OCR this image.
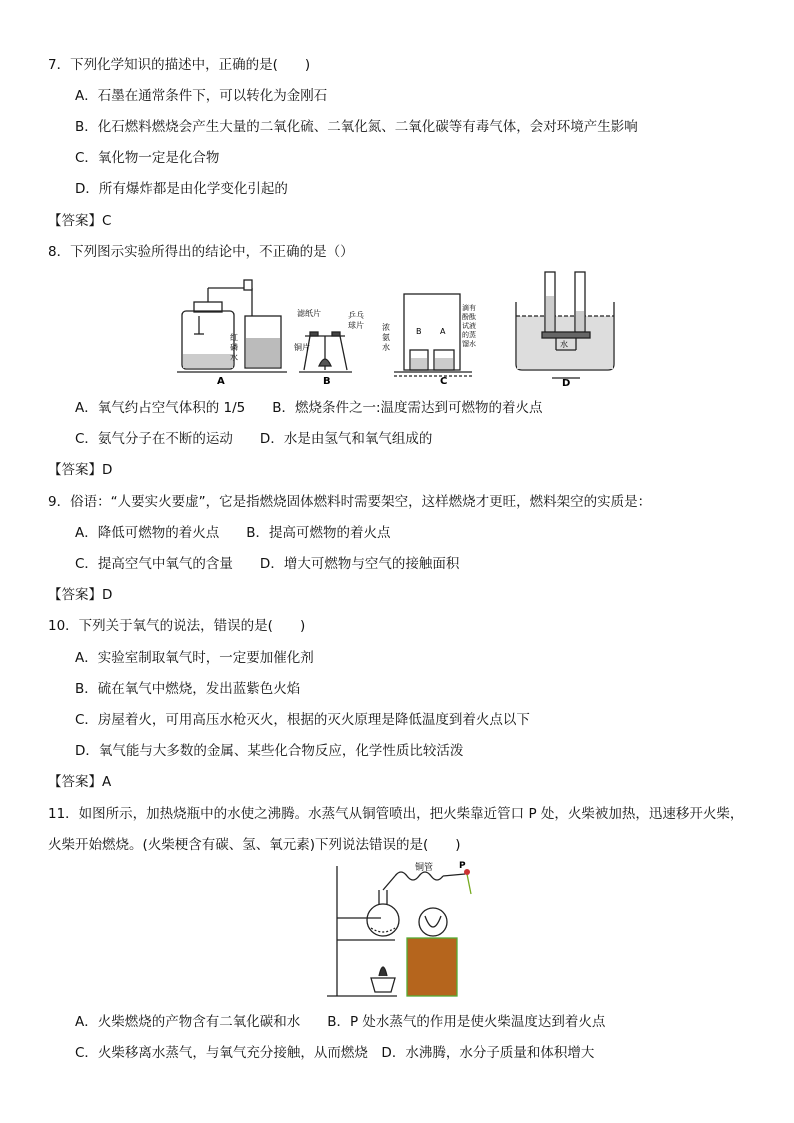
7．下列化学知识的描述中，正确的是(　　)
A．石墨在通常条件下，可以转化为金刚石
B．化石燃料燃烧会产生大量的二氧化硫、二氧化氮、二氧化碳等有毒气体，会对环境产生影响
C．氧化物一定是化合物
D．所有爆炸都是由化学变化引起的
【答案】C
8．下列图示实验所得出的结论中，不正确的是（）
红
磷
水
A
滤纸片	乒乓
球片
铜片
B
浓
氨
水
B A
滴有
酚酞
试液
的蒸
馏水
C
水
D
A．氧气约占空气体积的 1/5　　B．燃烧条件之一:温度需达到可燃物的着火点
C．氨气分子在不断的运动　　D．水是由氢气和氧气组成的
【答案】D
9．俗语：“人要实火要虚”，它是指燃烧固体燃料时需要架空，这样燃烧才更旺，燃料架空的实质是：
A．降低可燃物的着火点　　B．提高可燃物的着火点
C．提高空气中氧气的含量　　D．增大可燃物与空气的接触面积
【答案】D
10．下列关于氧气的说法，错误的是(　　)
A．实验室制取氧气时，一定要加催化剂
B．硫在氧气中燃烧，发出蓝紫色火焰
C．房屋着火，可用高压水枪灭火，根据的灭火原理是降低温度到着火点以下
D．氧气能与大多数的金属、某些化合物反应，化学性质比较活泼
【答案】A
11．如图所示，加热烧瓶中的水使之沸腾。水蒸气从铜管喷出，把火柴靠近管口 P 处，火柴被加热，迅速移开火柴，
火柴开始燃烧。(火柴梗含有碳、氢、氧元素)下列说法错误的是(　　)
铜管	P
A．火柴燃烧的产物含有二氧化碳和水　　B．P 处水蒸气的作用是使火柴温度达到着火点
C．火柴移离水蒸气，与氧气充分接触，从而燃烧　D．水沸腾，水分子质量和体积增大
